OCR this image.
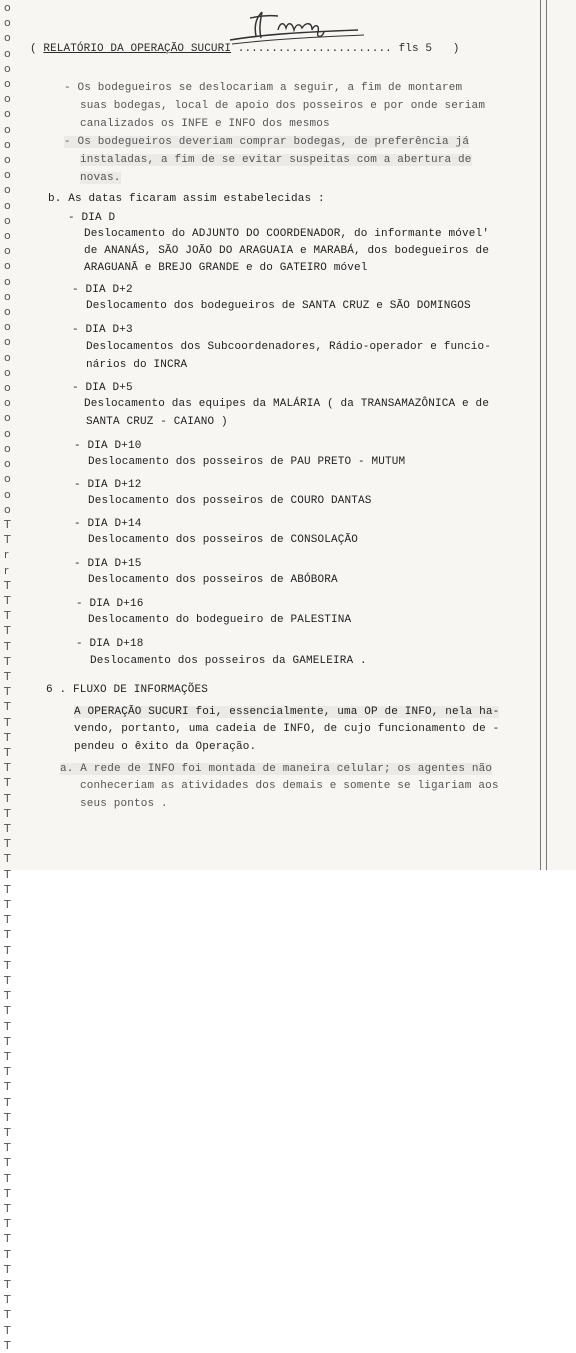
o
o
o
o
o
o
o
o
o
o
o
o
o
o
o
o
o
o
o
o
o
o
o
o
o
o
o
o
o
o
o
o
o
o
T
T
r
r
T
T
T
T
T
T
T
T
T
T
T
T
T
T
T
T
T
T
T
T
T
T
T
T
T
T
T
T
T
T
T
T
T
T
T
T
T
T
T
T
T
T
T
T
T
T
T
T
T
T
T
( RELATÓRIO DA OPERAÇÃO SUCURI ....................... fls 5 )
- Os bodegueiros se deslocariam a seguir, a fim de montarem
suas bodegas, local de apoio dos posseiros e por onde seriam
canalizados os INFE e INFO dos mesmos
- Os bodegueiros deveriam comprar bodegas, de preferência já
instaladas, a fim de se evitar suspeitas com a abertura de
novas.
b. As datas ficaram assim estabelecidas :
- DIA D
Deslocamento do ADJUNTO DO COORDENADOR, do informante móvel'
de ANANÁS, SÃO JOÃO DO ARAGUAIA e MARABÁ, dos bodegueiros de
ARAGUANÃ e BREJO GRANDE e do GATEIRO móvel
- DIA D+2
Deslocamento dos bodegueiros de SANTA CRUZ e SÃO DOMINGOS
- DIA D+3
Deslocamentos dos Subcoordenadores, Rádio-operador e funcio-
nários do INCRA
- DIA D+5
Deslocamento das equipes da MALÁRIA ( da TRANSAMAZÔNICA e de
SANTA CRUZ - CAIANO )
- DIA D+10
Deslocamento dos posseiros de PAU PRETO - MUTUM
- DIA D+12
Deslocamento dos posseiros de COURO DANTAS
- DIA D+14
Deslocamento dos posseiros de CONSOLAÇÃO
- DIA D+15
Deslocamento dos posseiros de ABÓBORA
- DIA D+16
Deslocamento do bodegueiro de PALESTINA
- DIA D+18
Deslocamento dos posseiros da GAMELEIRA .
6 . FLUXO DE INFORMAÇÕES
A OPERAÇÃO SUCURI foi, essencialmente, uma OP de INFO, nela ha-
vendo, portanto, uma cadeia de INFO, de cujo funcionamento de -
pendeu o êxito da Operação.
a. A rede de INFO foi montada de maneira celular; os agentes não
conheceriam as atividades dos demais e somente se ligariam aos
seus pontos .
